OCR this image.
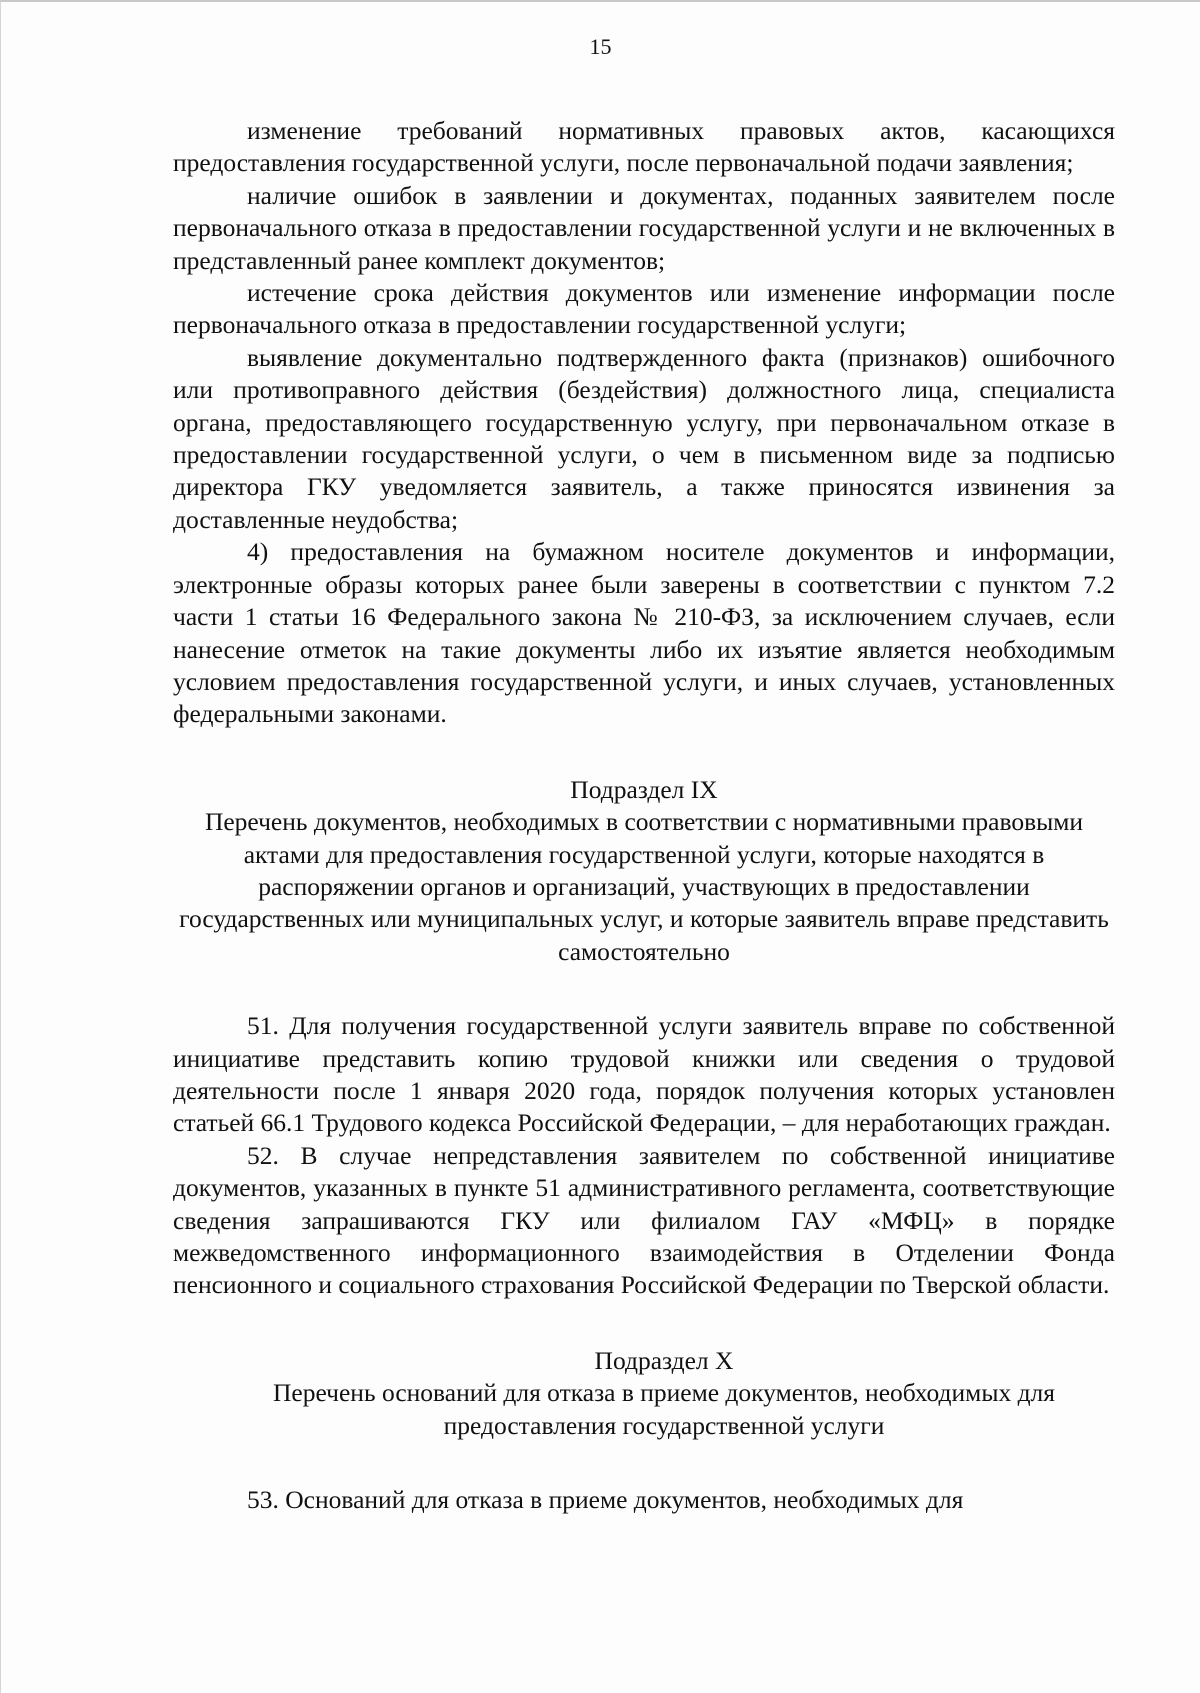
15

изменение требований нормативных правовых актов, касающихся предоставления государственной услуги, после первоначальной подачи заявления;

наличие ошибок в заявлении и документах, поданных заявителем после первоначального отказа в предоставлении государственной услуги и не включенных в представленный ранее комплект документов;

истечение срока действия документов или изменение информации после первоначального отказа в предоставлении государственной услуги;

выявление документально подтвержденного факта (признаков) ошибочного или противоправного действия (бездействия) должностного лица, специалиста органа, предоставляющего государственную услугу, при первоначальном отказе в предоставлении государственной услуги, о чем в письменном виде за подписью директора ГКУ уведомляется заявитель, а также приносятся извинения за доставленные неудобства;

4) предоставления на бумажном носителе документов и информации, электронные образы которых ранее были заверены в соответствии с пунктом 7.2 части 1 статьи 16 Федерального закона № 210-ФЗ, за исключением случаев, если нанесение отметок на такие документы либо их изъятие является необходимым условием предоставления государственной услуги, и иных случаев, установленных федеральными законами.

Подраздел IX

Перечень документов, необходимых в соответствии с нормативными правовыми актами для предоставления государственной услуги, которые находятся в распоряжении органов и организаций, участвующих в предоставлении государственных или муниципальных услуг, и которые заявитель вправе представить самостоятельно

51. Для получения государственной услуги заявитель вправе по собственной инициативе представить копию трудовой книжки или сведения о трудовой деятельности после 1 января 2020 года, порядок получения которых установлен статьей 66.1 Трудового кодекса Российской Федерации, – для неработающих граждан.

52. В случае непредставления заявителем по собственной инициативе документов, указанных в пункте 51 административного регламента, соответствующие сведения запрашиваются ГКУ или филиалом ГАУ «МФЦ» в порядке межведомственного информационного взаимодействия в Отделении Фонда пенсионного и социального страхования Российской Федерации по Тверской области.

Подраздел X

Перечень оснований для отказа в приеме документов, необходимых для предоставления государственной услуги

53. Оснований для отказа в приеме документов, необходимых для
